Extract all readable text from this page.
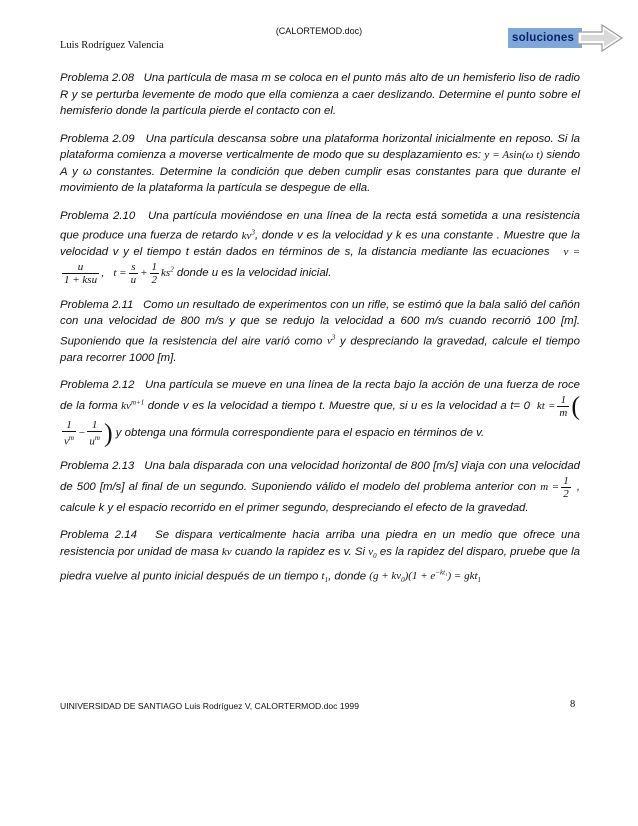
(CALORTEMOD.doc)
Luis Rodríguez Valencia
soluciones

Problema 2.08 Una partícula de masa m se coloca en el punto más alto de un hemisferio liso de radio R y se perturba levemente de modo que ella comienza a caer deslizando. Determine el punto sobre el hemisferio donde la partícula pierde el contacto con el.

Problema 2.09 Una partícula descansa sobre una plataforma horizontal inicialmente en reposo. Si la plataforma comienza a moverse verticalmente de modo que su desplazamiento es: y = Asin(ω t) siendo A y ω constantes. Determine la condición que deben cumplir esas constantes para que durante el movimiento de la plataforma la partícula se despegue de ella.

Problema 2.10 Una partícula moviéndose en una línea de la recta está sometida a una resistencia que produce una fuerza de retardo $kv^3$, donde v es la velocidad y k es una constante . Muestre que la velocidad v y el tiempo t están dados en términos de s, la distancia mediante las ecuaciones v =
$\frac{u}{\text{1 + ksu}}$ , $t = \frac{s}{u} + \frac{1}{2} ks^2$ donde u es la velocidad inicial.

Problema 2.11 Como un resultado de experimentos con un rifle, se estimó que la bala salió del cañón con una velocidad de 800 m/s y que se redujo la velocidad a 600 m/s cuando recorrió 100 [m]. Suponiendo que la resistencia del aire varió como $v^3$ y despreciando la gravedad, calcule el tiempo para recorrer 1000 [m].

Problema 2.12 Una partícula se mueve en una línea de la recta bajo la acción de una fuerza de roce de la forma $kv^{m+1}$ donde v es la velocidad a tiempo t. Muestre que, si u es la velocidad a t= 0 kt = $\frac{1}{m}$ (
$\frac{1}{v^m} - \frac{1}{u^m}$ ) y obtenga una fórmula correspondiente para el espacio en términos de v.

Problema 2.13 Una bala disparada con una velocidad horizontal de 800 [m/s] viaja con una velocidad de 500 [m/s] al final de un segundo. Suponiendo válido el modelo del problema anterior con $m = \frac{1}{2}$ , calcule k y el espacio recorrido en el primer segundo, despreciando el efecto de la gravedad.

Problema 2.14 Se dispara verticalmente hacia arriba una piedra en un medio que ofrece una resistencia por unidad de masa kv cuando la rapidez es v. Si $v_0$ es la rapidez del disparo, pruebe que la piedra vuelve al punto inicial después de un tiempo $t_1$, donde $(g + kv_0)(1 + e^{-kt_1}) = gkt_1$

UINIVERSIDAD DE SANTIAGO Luis Rodríguez V, CALORTERMOD.doc 1999	8
